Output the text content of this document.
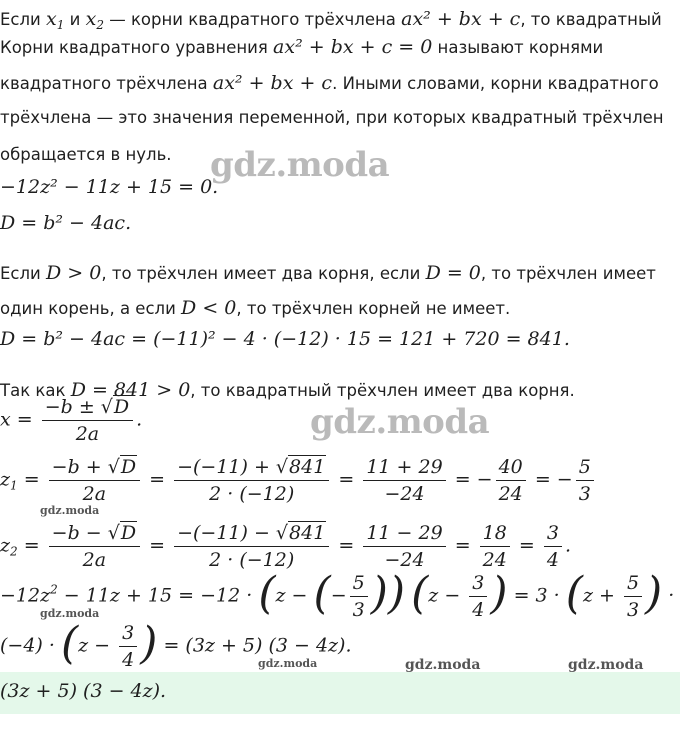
Если $x_1$ и $x_2$ — корни квадратного трёхчлена ax² + bx + c, то квадратный
Корни квадратного уравнения ax² + bx + c = 0 называют корнями
квадратного трёхчлена ax² + bx + c. Иными словами, корни квадратного
трёхчлена — это значения переменной, при которых квадратный трёхчлен
обращается в нуль.
−12z² − 11z + 15 = 0.
D = b² − 4ac.
Если D > 0, то трёхчлен имеет два корня, если D = 0, то трёхчлен имеет
один корень, а если D < 0, то трёхчлен корней не имеет.
D = b² − 4ac = (−11)² − 4 · (−12) · 15 = 121 + 720 = 841.
Так как D = 841 > 0, то квадратный трёхчлен имеет два корня.
$x = \frac{-b \pm √D}{2a}$ .
$z_1 = \frac{-b + √D}{2a} = \frac{-(-11) + √841}{2 \cdot (-12)} = \frac{11 + 29}{-24}$ = − $\frac{40}{24}$ = − $\frac{5}{3}$
$z_2 = \frac{-b - √D}{2a} = \frac{-(-11) - √841}{2 \cdot (-12)} = \frac{11 - 29}{-24} = \frac{18}{24} = \frac{3}{4}$ .
$-12z^2 - 11z + 15 = -12 \cdot (z$ − (− $\frac{5}{3}$ )) ($z - \frac{3}{4}$ ) = $3 \cdot (z + \frac{5}{3}$ ) ·
$(-4) \cdot (z - \frac{3}{4}$ ) = (3z + 5) (3 − 4z).
(3z + 5) (3 − 4z).
gdz.moda
gdz.moda
gdz.moda
gdz.moda
gdz.moda	gdz.moda	gdz.moda
